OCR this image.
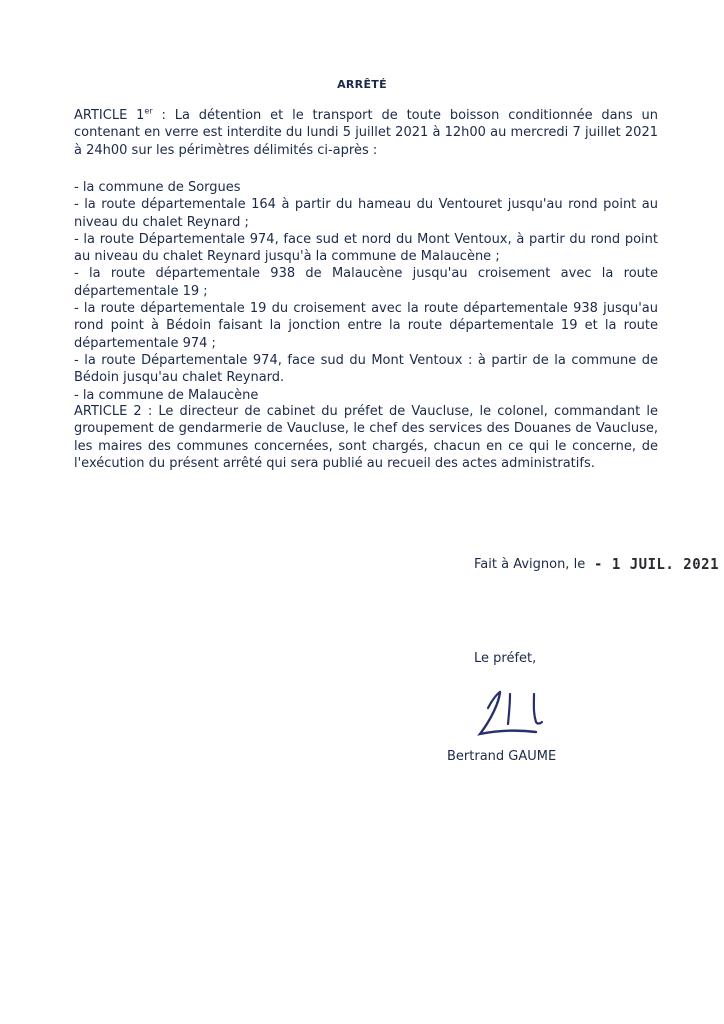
ARRÊTÉ
ARTICLE 1er : La détention et le transport de toute boisson conditionnée dans un contenant en verre est interdite du lundi 5 juillet 2021 à 12h00 au mercredi 7 juillet 2021 à 24h00 sur les périmètres délimités ci-après :
- la commune de Sorgues
- la route départementale 164 à partir du hameau du Ventouret jusqu'au rond point au niveau du chalet Reynard ;
- la route Départementale 974, face sud et nord du Mont Ventoux, à partir du rond point au niveau du chalet Reynard jusqu'à la commune de Malaucène ;
- la route départementale 938 de Malaucène jusqu'au croisement avec la route départementale 19 ;
- la route départementale 19 du croisement avec la route départementale 938 jusqu'au rond point à Bédoin faisant la jonction entre la route départementale 19 et la route départementale 974 ;
- la route Départementale 974, face sud du Mont Ventoux : à partir de la commune de Bédoin jusqu'au chalet Reynard.
- la commune de Malaucène
ARTICLE 2 : Le directeur de cabinet du préfet de Vaucluse, le colonel, commandant le groupement de gendarmerie de Vaucluse, le chef des services des Douanes de Vaucluse, les maires des communes concernées, sont chargés, chacun en ce qui le concerne, de l'exécution du présent arrêté qui sera publié au recueil des actes administratifs.
Fait à Avignon, le - 1 JUIL. 2021
Le préfet,
Bertrand GAUME
